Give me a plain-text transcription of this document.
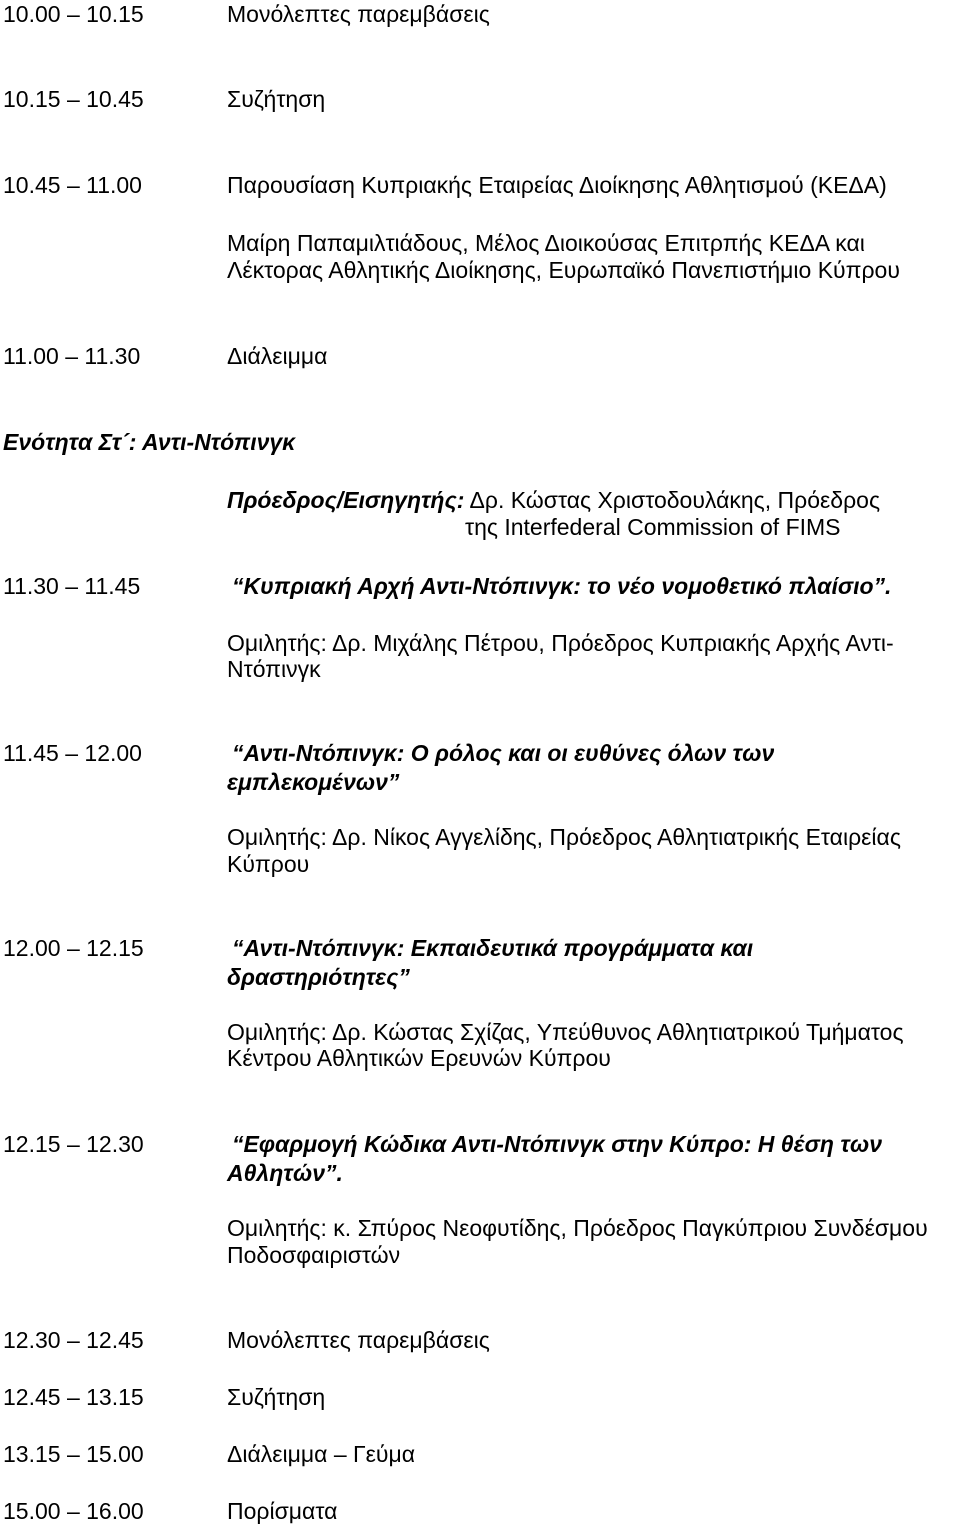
10.00 – 10.15	Μονόλεπτες παρεμβάσεις
10.15 – 10.45	Συζήτηση
10.45 – 11.00	Παρουσίαση Κυπριακής Εταιρείας Διοίκησης Αθλητισμού (ΚΕΔΑ)
Μαίρη Παπαμιλτιάδους, Μέλος Διοικούσας Επιτρπής ΚΕΔΑ και
Λέκτορας Αθλητικής Διοίκησης, Ευρωπαϊκό Πανεπιστήμιο Κύπρου
11.00 – 11.30	Διάλειμμα
Ενότητα Στ´: Αντι-Ντόπινγκ
Πρόεδρος/Εισηγητής: Δρ. Κώστας Χριστοδουλάκης, Πρόεδρος
της Interfederal Commission of FIMS
11.30 – 11.45	“Κυπριακή Αρχή Αντι-Ντόπινγκ: το νέο νομοθετικό πλαίσιο”.
Ομιλητής: Δρ. Μιχάλης Πέτρου, Πρόεδρος Κυπριακής Αρχής Αντι-
Ντόπινγκ
11.45 – 12.00	“Αντι-Ντόπινγκ: Ο ρόλος και οι ευθύνες όλων των
εμπλεκομένων”
Ομιλητής: Δρ. Νίκος Αγγελίδης, Πρόεδρος Αθλητιατρικής Εταιρείας
Κύπρου
12.00 – 12.15	“Αντι-Ντόπινγκ: Εκπαιδευτικά προγράμματα και
δραστηριότητες”
Ομιλητής: Δρ. Κώστας Σχίζας, Υπεύθυνος Αθλητιατρικού Τμήματος
Κέντρου Αθλητικών Ερευνών Κύπρου
12.15 – 12.30	“Εφαρμογή Κώδικα Αντι-Ντόπινγκ στην Κύπρο: Η θέση των
Αθλητών”.
Ομιλητής: κ. Σπύρος Νεοφυτίδης, Πρόεδρος Παγκύπριου Συνδέσμου
Ποδοσφαιριστών
12.30 – 12.45	Μονόλεπτες παρεμβάσεις
12.45 – 13.15	Συζήτηση
13.15 – 15.00	Διάλειμμα – Γεύμα
15.00 – 16.00	Πορίσματα
